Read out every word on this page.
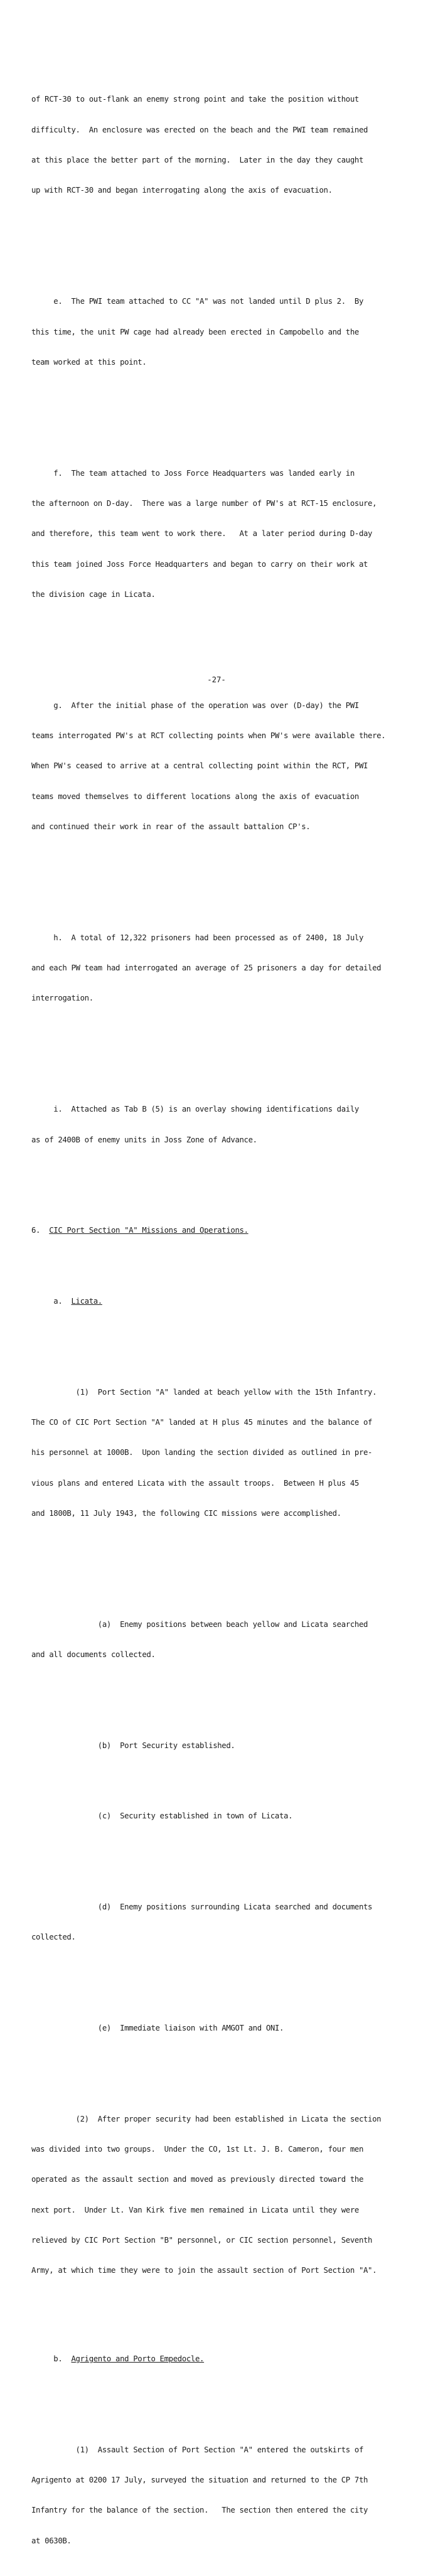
of RCT-30 to out-flank an enemy strong point and take the position without

difficulty.  An enclosure was erected on the beach and the PWI team remained

at this place the better part of the morning.  Later in the day they caught

up with RCT-30 and began interrogating along the axis of evacuation.

e.  The PWI team attached to CC "A" was not landed until D plus 2.  By

this time, the unit PW cage had already been erected in Campobello and the

team worked at this point.

f.  The team attached to Joss Force Headquarters was landed early in

the afternoon on D-day.  There was a large number of PW's at RCT-15 enclosure,

and therefore, this team went to work there.   At a later period during D-day

this team joined Joss Force Headquarters and began to carry on their work at

the division cage in Licata.

g.  After the initial phase of the operation was over (D-day) the PWI

teams interrogated PW's at RCT collecting points when PW's were available there.

When PW's ceased to arrive at a central collecting point within the RCT, PWI

teams moved themselves to different locations along the axis of evacuation

and continued their work in rear of the assault battalion CP's.

h.  A total of 12,322 prisoners had been processed as of 2400, 18 July

and each PW team had interrogated an average of 25 prisoners a day for detailed

interrogation.

i.  Attached as Tab B (5) is an overlay showing identifications daily

as of 2400B of enemy units in Joss Zone of Advance.

6.  CIC Port Section "A" Missions and Operations.

a.  Licata.

(1)  Port Section "A" landed at beach yellow with the 15th Infantry.

The CO of CIC Port Section "A" landed at H plus 45 minutes and the balance of

his personnel at 1000B.  Upon landing the section divided as outlined in pre-

vious plans and entered Licata with the assault troops.  Between H plus 45

and 1800B, 11 July 1943, the following CIC missions were accomplished.

(a)  Enemy positions between beach yellow and Licata searched

and all documents collected.

(b)  Port Security established.

(c)  Security established in town of Licata.

(d)  Enemy positions surrounding Licata searched and documents

collected.

(e)  Immediate liaison with AMGOT and ONI.

(2)  After proper security had been established in Licata the section

was divided into two groups.  Under the CO, 1st Lt. J. B. Cameron, four men

operated as the assault section and moved as previously directed toward the

next port.  Under Lt. Van Kirk five men remained in Licata until they were

relieved by CIC Port Section "B" personnel, or CIC section personnel, Seventh

Army, at which time they were to join the assault section of Port Section "A".

b.  Agrigento and Porto Empedocle.

(1)  Assault Section of Port Section "A" entered the outskirts of

Agrigento at 0200 17 July, surveyed the situation and returned to the CP 7th

Infantry for the balance of the section.   The section then entered the city

at 0630B.

-27-
